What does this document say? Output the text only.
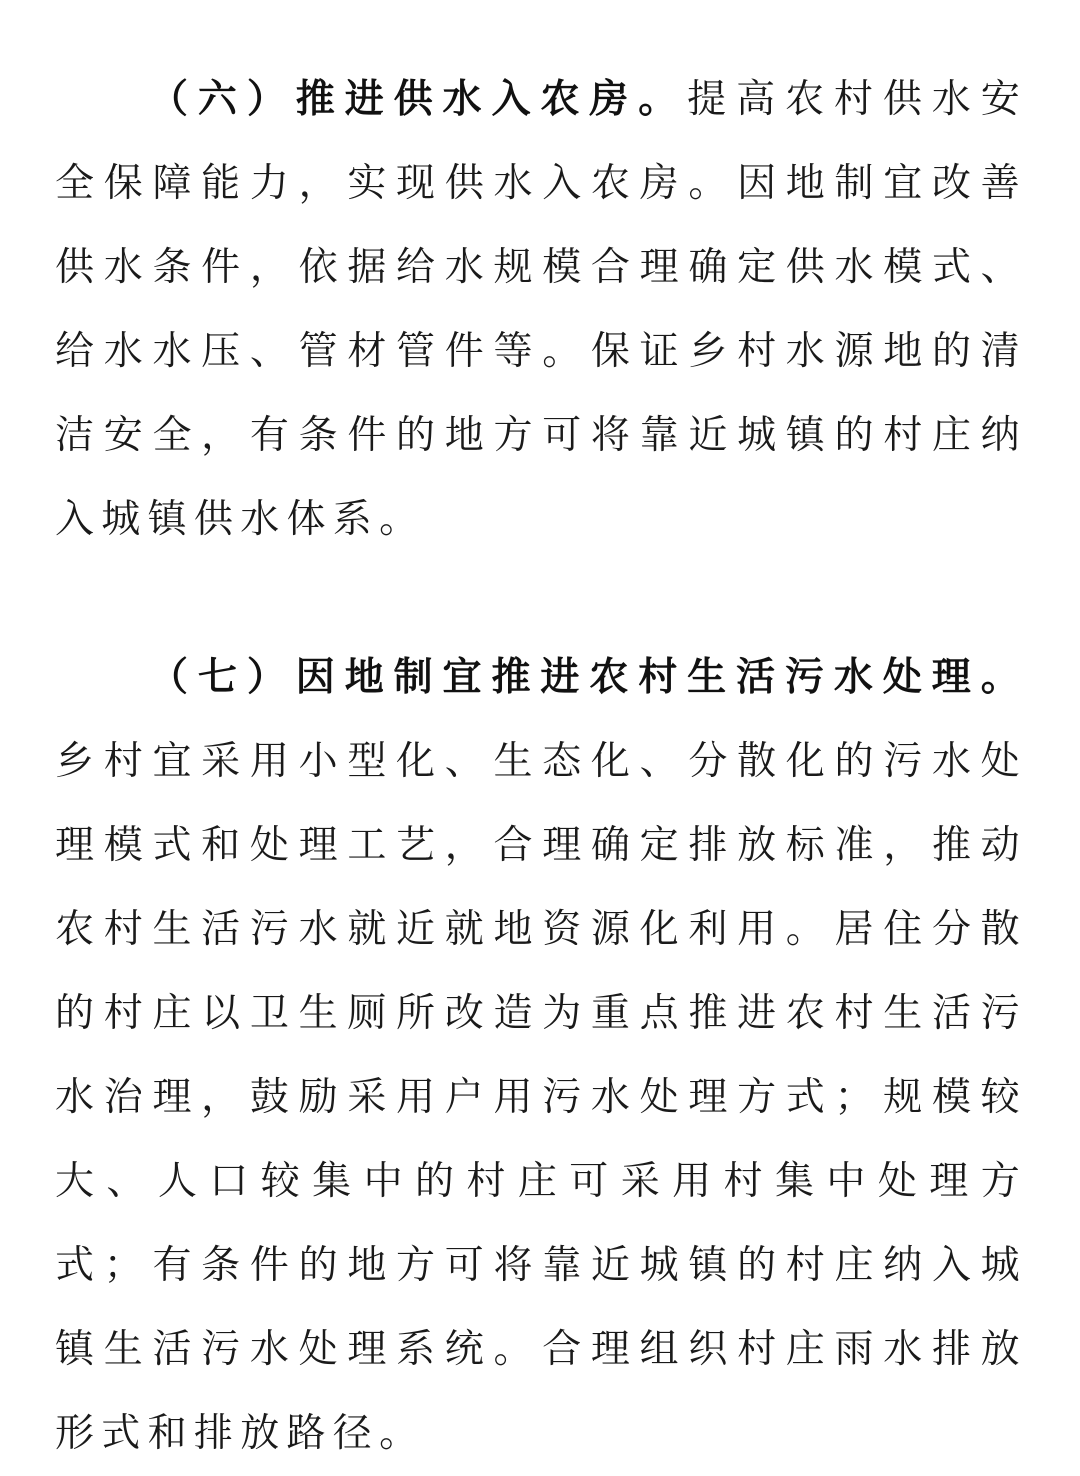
（六）推进供水入农房。提高农村供水安全保障能力，实现供水入农房。因地制宜改善供水条件，依据给水规模合理确定供水模式、给水水压、管材管件等。保证乡村水源地的清洁安全，有条件的地方可将靠近城镇的村庄纳入城镇供水体系。

（七）因地制宜推进农村生活污水处理。乡村宜采用小型化、生态化、分散化的污水处理模式和处理工艺，合理确定排放标准，推动农村生活污水就近就地资源化利用。居住分散的村庄以卫生厕所改造为重点推进农村生活污水治理，鼓励采用户用污水处理方式；规模较大、人口较集中的村庄可采用村集中处理方式；有条件的地方可将靠近城镇的村庄纳入城镇生活污水处理系统。合理组织村庄雨水排放形式和排放路径。
